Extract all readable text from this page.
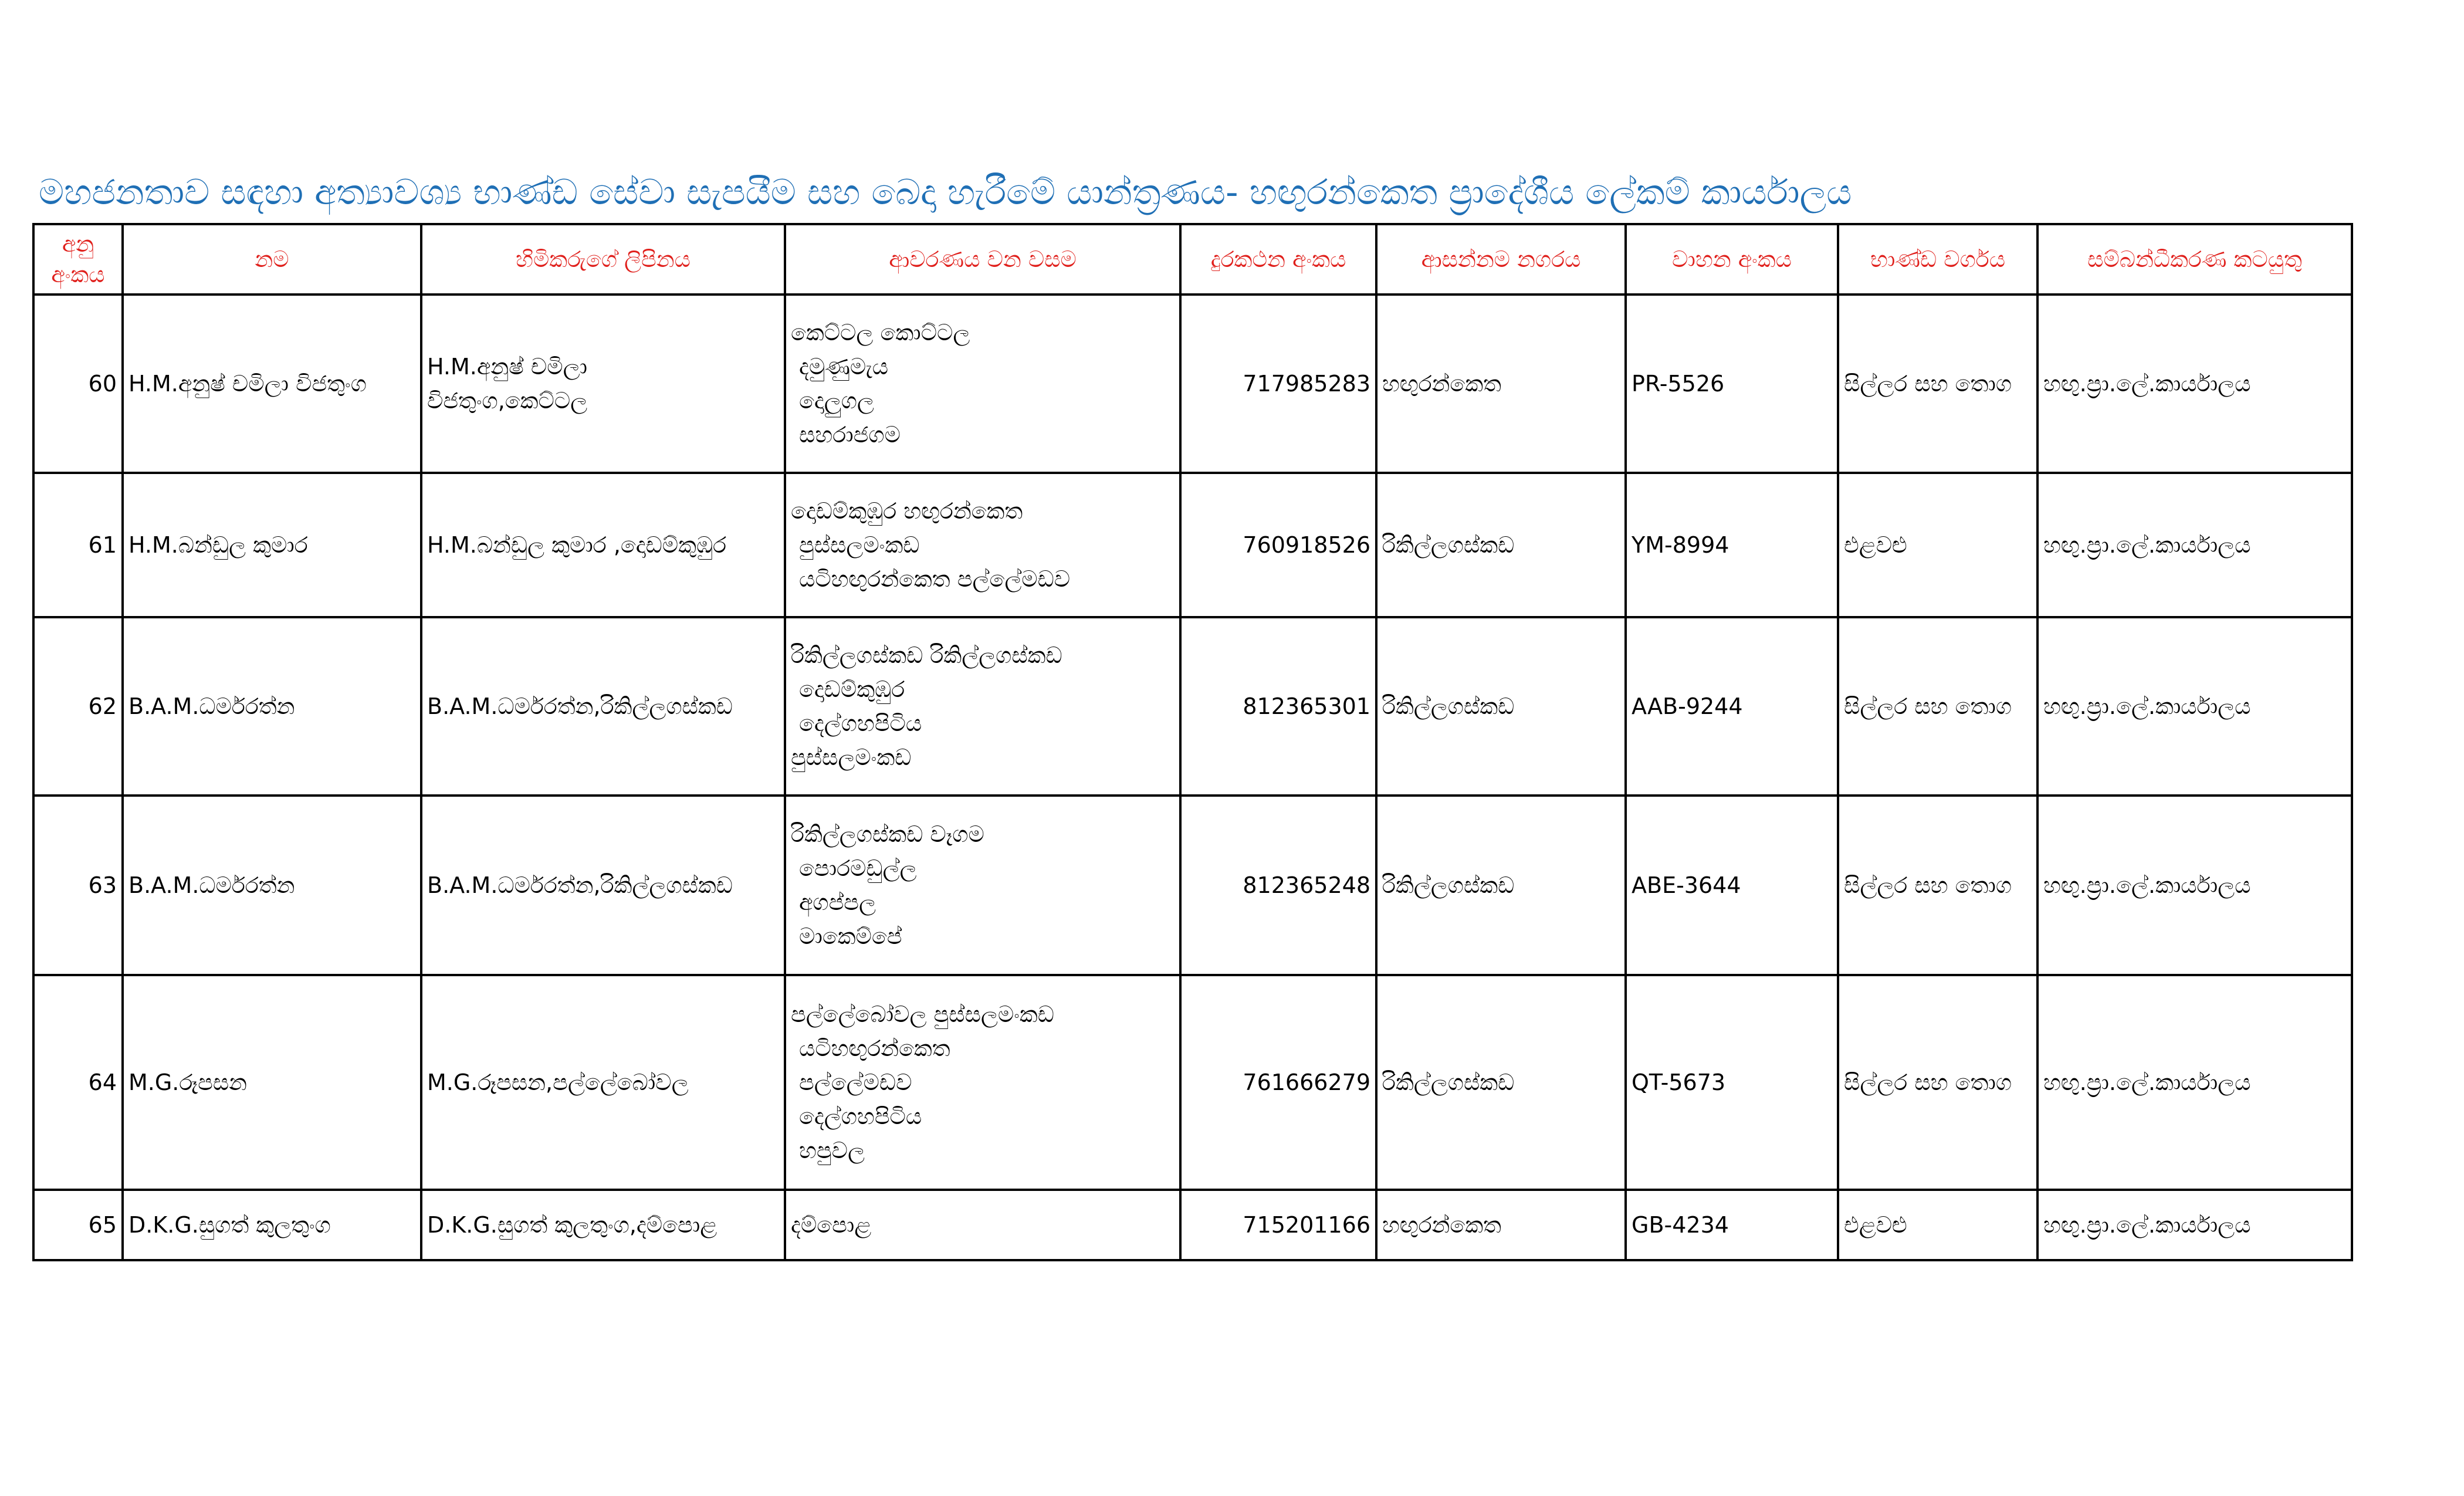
මහජනතාව සඳහා අත්‍යාවශ්‍ය භාණ්ඩ සේවා සැපයීම සහ බෙදා හැරීමේ යාන්ත්‍රණය- හඟුරන්කෙත ප්‍රාදේශීය ලේකම් කාර්යාලය
අනු අංකය	නම	හිමිකරුගේ ලිපිනය	ආවරණය වන වසම	දුරකථන අංකය	ආසන්නම නගරය	වාහන අංකය	භාණ්ඩ වර්ගය	සම්බන්ධීකරණ කටයුතු
60	H.M.අනුෂ් චමිලා විජතුංග	H.M.අනුෂ් චමිලා
විජතුංග,කෙට්ටල	කෙට්ටල කොට්ටල
දමුණුමැය
දොලුගල
සහරාජගම	717985283	හඟුරන්කෙත	PR-5526	සිල්ලර සහ තොග	හඟු.ප්‍රා.ලේ.කාර්යාලය
61	H.M.බන්ඩුල කුමාර	H.M.බන්ඩුල කුමාර ,දොඩම්කුඹුර	දොඩම්කුඹුර හඟුරන්කෙත
පුස්සලමංකඩ
යටිහඟුරන්කෙත පල්ලේමඩව	760918526	රිකිල්ලගස්කඩ	YM-8994	එළවළු	හඟු.ප්‍රා.ලේ.කාර්යාලය
62	B.A.M.ධර්මරත්න	B.A.M.ධර්මරත්න,රිකිල්ලගස්කඩ	රිකිල්ලගස්කඩ රිකිල්ලගස්කඩ
දොඩම්කුඹුර
දෙල්ගහපිටිය
පුස්සලමංකඩ	812365301	රිකිල්ලගස්කඩ	AAB-9244	සිල්ලර සහ තොග	හඟු.ප්‍රා.ලේ.කාර්යාලය
63	B.A.M.ධර්මරත්න	B.A.M.ධර්මරත්න,රිකිල්ලගස්කඩ	රිකිල්ලගස්කඩ වෑගම
පොරමඩුල්ල
අගප්පල
මාකෙම්පේ	812365248	රිකිල්ලගස්කඩ	ABE-3644	සිල්ලර සහ තොග	හඟු.ප්‍රා.ලේ.කාර්යාලය
64	M.G.රූපසන	M.G.රූපසන,පල්ලේබෝවල	පල්ලේබෝවල පුස්සලමංකඩ
යටිහඟුරන්කෙත
පල්ලේමඩව
දෙල්ගහපිටිය
හපුවල	761666279	රිකිල්ලගස්කඩ	QT-5673	සිල්ලර සහ තොග	හඟු.ප්‍රා.ලේ.කාර්යාලය
65	D.K.G.සුගත් කුලතුංග	D.K.G.සුගත් කුලතුංග,දම්පොළ	දම්පොළ	715201166	හඟුරන්කෙත	GB-4234	එළවළු	හඟු.ප්‍රා.ලේ.කාර්යාලය
